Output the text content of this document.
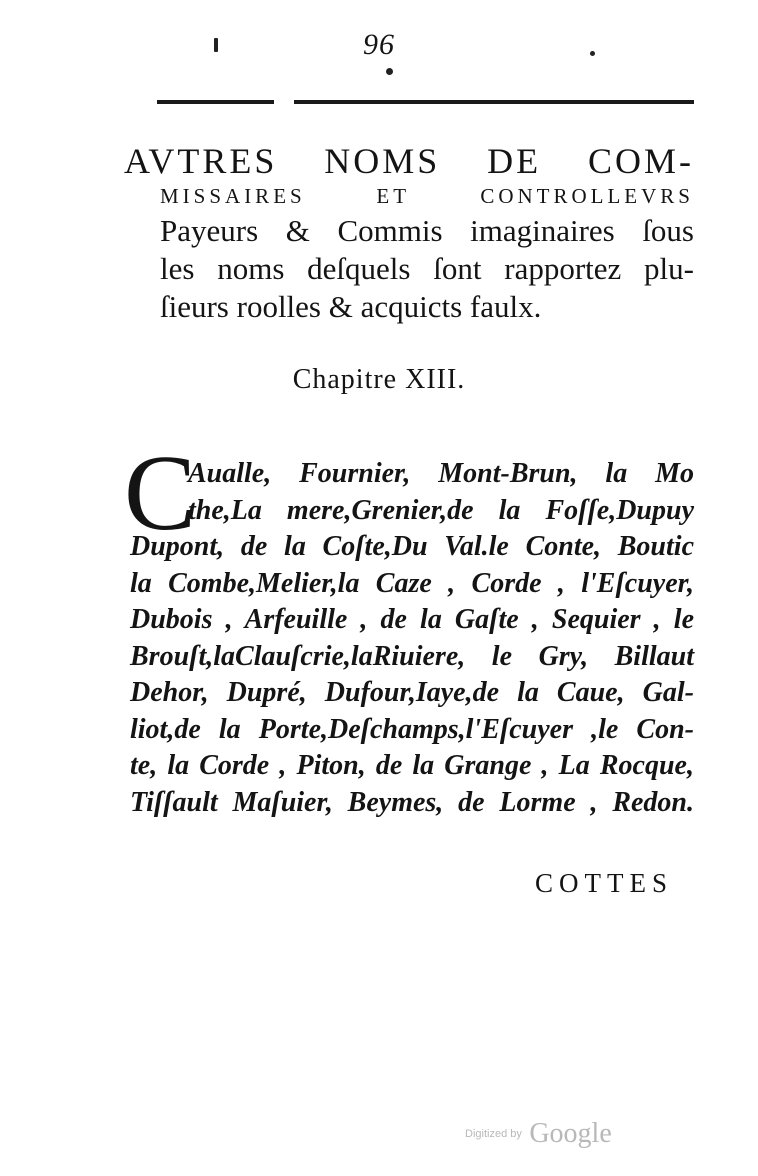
96
AVTRES NOMS DE COM-
MISSAIRES ET CONTROLLEVRS
Payeurs & Commis imaginaires ſous
les noms deſquels ſont rapportez plu-
ſieurs roolles & acquicts faulx.
Chapitre XIII.
C
Aualle, Fournier, Mont-Brun, la Mo
the,La mere,Grenier,de la Foſſe,Dupuy
Dupont, de la Coſte,Du Val.le Conte, Boutic
la Combe,Melier,la Caze , Corde , l'Eſcuyer,
Dubois , Arfeuille , de la Gaſte , Sequier , le
Brouſt,laClauſcrie,laRiuiere, le Gry, Billaut
Dehor, Dupré, Dufour,Iaye,de la Caue, Gal-
liot,de la Porte,Deſchamps,l'Eſcuyer ,le Con-
te, la Corde , Piton, de la Grange , La Rocque,
Tiſſault Maſuier, Beymes, de Lorme , Redon.
COTTES
Digitized by Google
